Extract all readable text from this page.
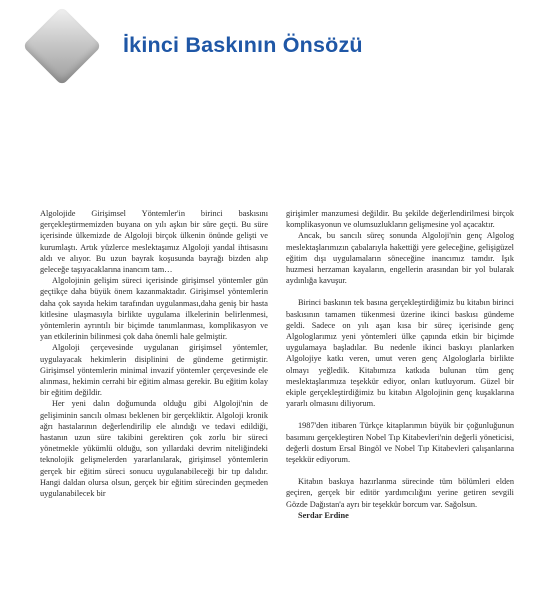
İkinci Baskının Önsözü

Algolojide Girişimsel Yöntemler'in birinci baskısını gerçekleştirmemizden buyana on yılı aşkın bir süre geçti. Bu süre içerisinde ülkemizde de Algoloji birçok ülkenin önünde gelişti ve kurumlaştı. Artık yüzlerce meslektaşımız Algoloji yandal ihtisasını aldı ve alıyor. Bu uzun bayrak koşusunda bayrağı bizden alıp geleceğe taşıyacaklarına inancım tam…

Algolojinin gelişim süreci içerisinde girişimsel yöntemler gün geçtikçe daha büyük önem kazanmaktadır. Girişimsel yöntemlerin daha çok sayıda hekim tarafından uygulanması,daha geniş bir hasta kitlesine ulaşmasıyla birlikte uygulama ilkelerinin belirlenmesi, yöntemlerin ayrıntılı bir biçimde tanımlanması, komplikasyon ve yan etkilerinin bilinmesi çok daha önemli hale gelmiştir.

Algoloji çerçevesinde uygulanan girişimsel yöntemler, uygulayacak hekimlerin disiplinini de gündeme getirmiştir. Girişimsel yöntemlerin minimal invazif yöntemler çerçevesinde ele alınması, hekimin cerrahi bir eğitim alması gerekir. Bu eğitim kolay bir eğitim değildir.

Her yeni dalın doğumunda olduğu gibi Algoloji'nin de gelişiminin sancılı olması beklenen bir gerçekliktir. Algoloji kronik ağrı hastalarının değerlendirilip ele alındığı ve tedavi edildiği, hastanın uzun süre takibini gerektiren çok zorlu bir süreci yönetmekle yükümlü olduğu, son yıllardaki devrim niteliğindeki teknolojik gelişmelerden yararlanılarak, girişimsel yöntemlerin gerçek bir eğitim süreci sonucu uygulanabileceği bir tıp dalıdır. Hangi daldan olursa olsun, gerçek bir eğitim sürecinden geçmeden uygulanabilecek bir

girişimler manzumesi değildir. Bu şekilde değerlendirilmesi birçok komplikasyonun ve olumsuzlukların gelişmesine yol açacaktır.

Ancak, bu sancılı süreç sonunda Algoloji'nin genç Algolog meslektaşlarımızın çabalarıyla hakettiği yere geleceğine, gelişigüzel eğitim dışı uygulamaların söneceğine inancımız tamdır. Işık huzmesi herzaman kayaların, engellerin arasından bir yol bularak aydınlığa kavuşur.

Birinci baskının tek basına gerçekleştirdiğimiz bu kitabın birinci baskısının tamamen tükenmesi üzerine ikinci baskısı gündeme geldi. Sadece on yılı aşan kısa bir süreç içerisinde genç Algologlarımız yeni yöntemleri ülke çapında etkin bir biçimde uygulamaya başladılar. Bu nedenle ikinci baskıyı planlarken Algolojiye katkı veren, umut veren genç Algologlarla birlikte olmayı yeğledik. Kitabımıza katkıda bulunan tüm genç meslektaşlarımıza teşekkür ediyor, onları kutluyorum. Güzel bir ekiple gerçekleştirdiğimiz bu kitabın Algolojinin genç kuşaklarına yararlı olmasını diliyorum.

1987'den itibaren Türkçe kitaplarımın büyük bir çoğunluğunun basımını gerçekleştiren Nobel Tıp Kitabevleri'nin değerli yöneticisi, değerli dostum Ersal Bingöl ve Nobel Tıp Kitabevleri çalışanlarına teşekkür ediyorum.

Kitabın baskıya hazırlanma sürecinde tüm bölümleri elden geçiren, gerçek bir editör yardımcılığını yerine getiren sevgili Gözde Dağıstan'a ayrı bir teşekkür borcum var. Sağolsun.

Serdar Erdine
